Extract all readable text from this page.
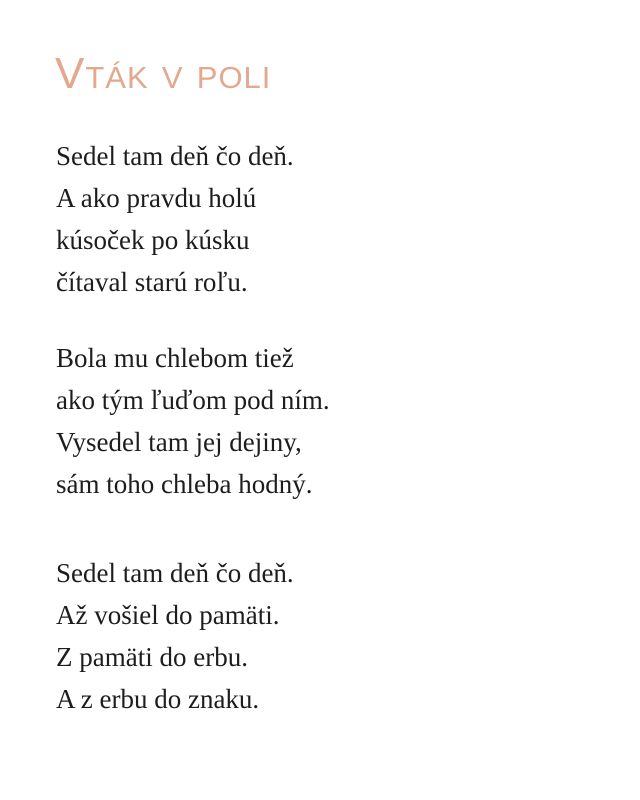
Vták v poli
Sedel tam deň čo deň.
A ako pravdu holú
kúsoček po kúsku
čítaval starú roľu.
Bola mu chlebom tiež
ako tým ľuďom pod ním.
Vysedel tam jej dejiny,
sám toho chleba hodný.
Sedel tam deň čo deň.
Až vošiel do pamäti.
Z pamäti do erbu.
A z erbu do znaku.
